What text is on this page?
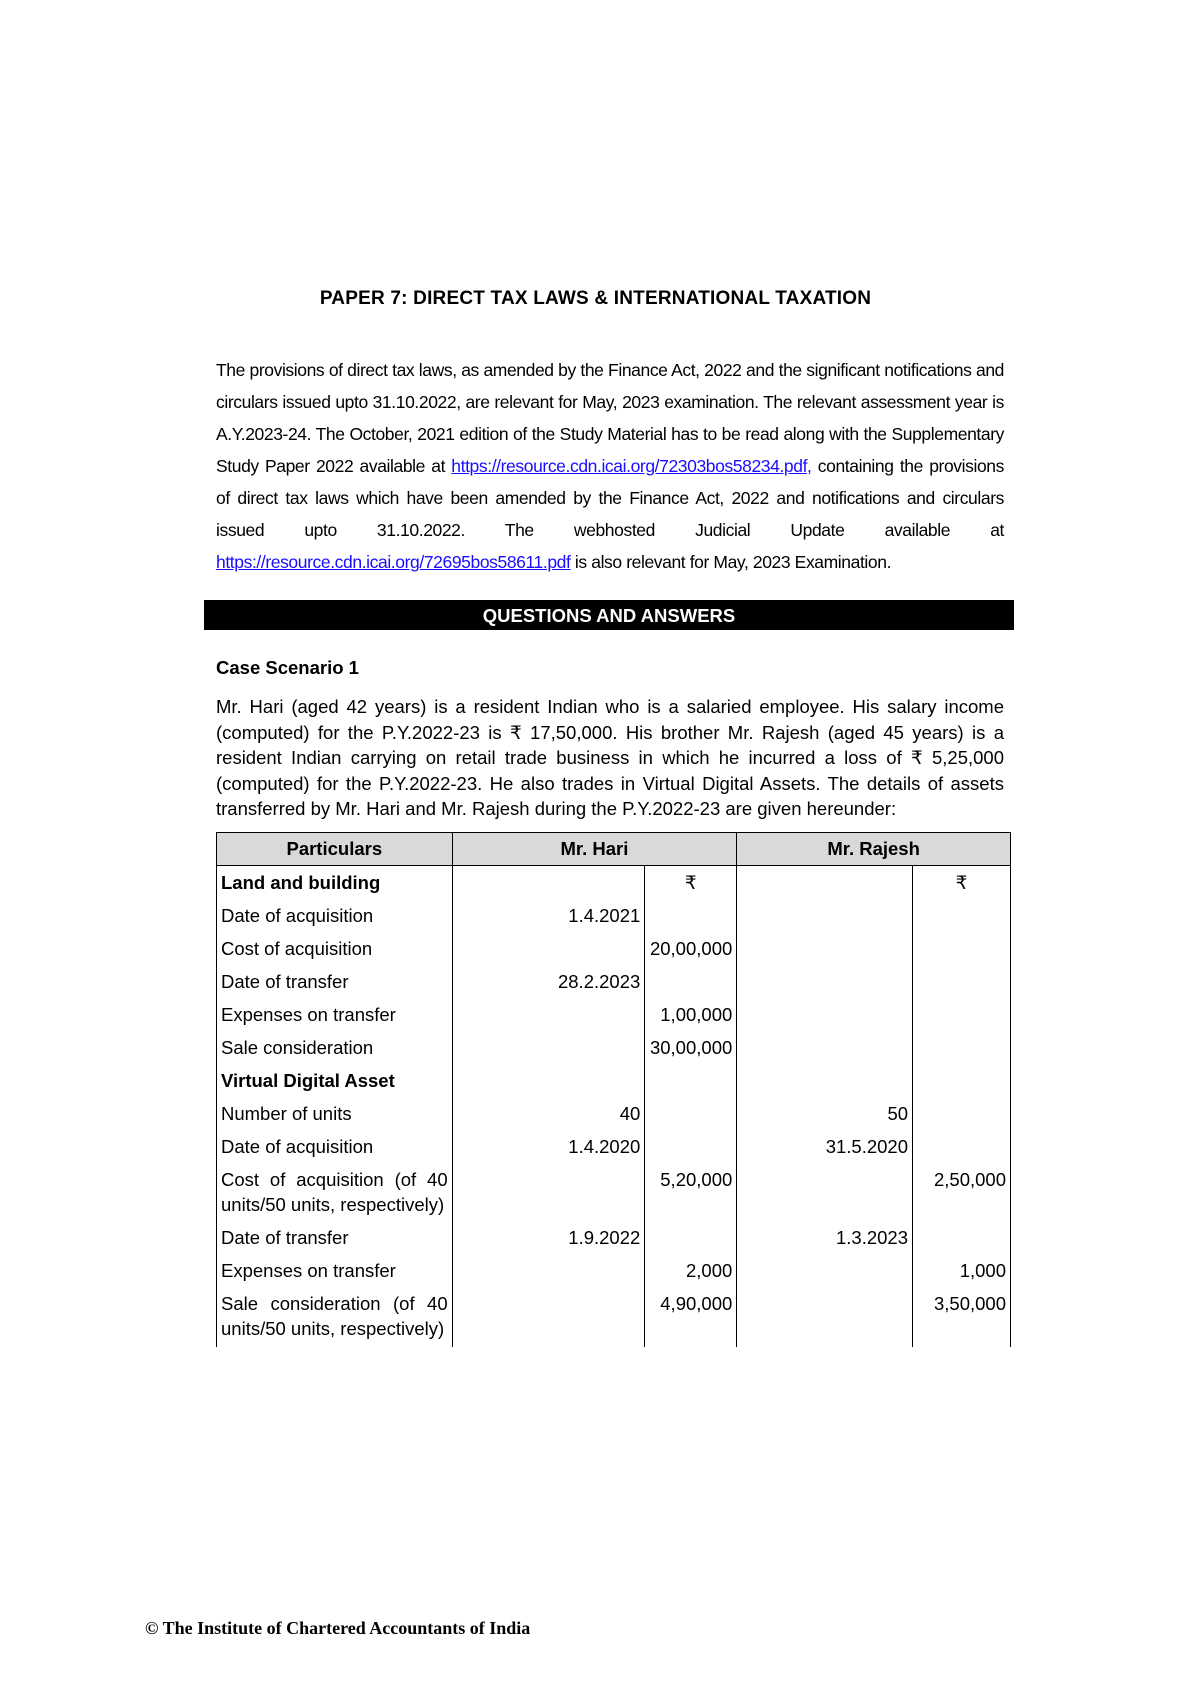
PAPER 7: DIRECT TAX LAWS & INTERNATIONAL TAXATION
The provisions of direct tax laws, as amended by the Finance Act, 2022 and the significant notifications and circulars issued upto 31.10.2022, are relevant for May, 2023 examination. The relevant assessment year is A.Y.2023-24. The October, 2021 edition of the Study Material has to be read along with the Supplementary Study Paper 2022 available at https://resource.cdn.icai.org/72303bos58234.pdf, containing the provisions of direct tax laws which have been amended by the Finance Act, 2022 and notifications and circulars issued upto 31.10.2022. The webhosted Judicial Update available at https://resource.cdn.icai.org/72695bos58611.pdf is also relevant for May, 2023 Examination.
QUESTIONS AND ANSWERS
Case Scenario 1
Mr. Hari (aged 42 years) is a resident Indian who is a salaried employee. His salary income (computed) for the P.Y.2022-23 is ₹ 17,50,000. His brother Mr. Rajesh (aged 45 years) is a resident Indian carrying on retail trade business in which he incurred a loss of ₹ 5,25,000 (computed) for the P.Y.2022-23. He also trades in Virtual Digital Assets. The details of assets transferred by Mr. Hari and Mr. Rajesh during the P.Y.2022-23 are given hereunder:
Particulars	Mr. Hari		Mr. Rajesh	
Land and building		₹		₹
Date of acquisition	1.4.2021			
Cost of acquisition		20,00,000		
Date of transfer	28.2.2023			
Expenses on transfer		1,00,000		
Sale consideration		30,00,000		
Virtual Digital Asset				
Number of units	40		50	
Date of acquisition	1.4.2020		31.5.2020	
Cost of acquisition (of 40 units/50 units, respectively)		5,20,000		2,50,000
Date of transfer	1.9.2022		1.3.2023	
Expenses on transfer		2,000		1,000
Sale consideration (of 40 units/50 units, respectively)		4,90,000		3,50,000
© The Institute of Chartered Accountants of India
